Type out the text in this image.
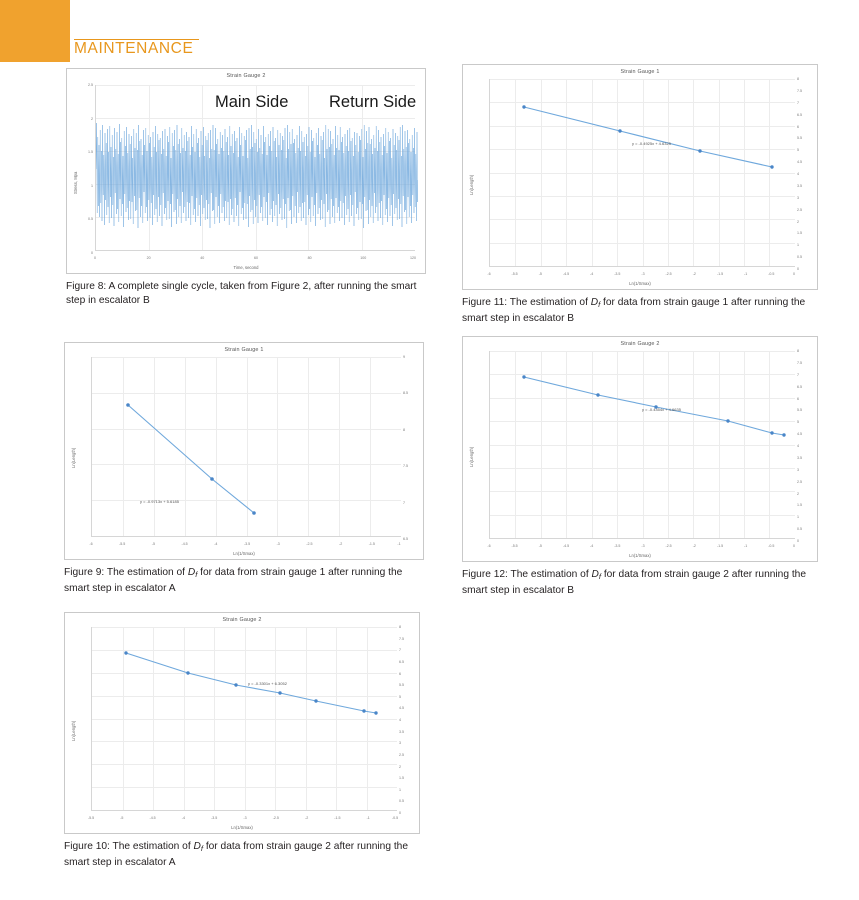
MAINTENANCE
Strain Gauge 2
2.5
2
1.5
1
0.5
0
0	20	40	60	80	100	120
Time, second
Stress, Mpa
Main Side Return Side
Figure 8: A complete single cycle, taken from Figure 2, after running the smart step in escalator B
Strain Gauge 1
y = -0.9713x + 5.6185
9
8.5
8
7.5
7
6.5
-6	-5.5	-5	-4.5	-4	-3.5	-3	-2.5	-2	-1.5	-1
Ln(1/Smax)
Ln(Length)
Figure 9: The estimation of $D_f$ for data from strain gauge 1 after running the smart step in escalator A
Strain Gauge 2
y = -0.3301x + 6.3052
8
7.5
7
6.5
6
5.5
5
4.5
4
3.5
3
2.5
2
1.5
1
0.5
0
-5.5	-5	-4.5	-4	-3.5	-3	-2.5	-2	-1.5	-1	-0.5
Ln(1/Smax)
Ln(Length)
Figure 10: The estimation of $D_f$ for data from strain gauge 2 after running the smart step in escalator A
Strain Gauge 1
y = -0.4925x + 4.6325
8
7.5
7
6.5
6
5.5
5
4.5
4
3.5
3
2.5
2
1.5
1
0.5
0
-6	-5.5	-5	-4.5	-4	-3.5	-3	-2.5	-2	-1.5	-1	-0.5	0
Ln(1/Smax)
Ln(Length)
Figure 11: The estimation of $D_f$ for data from strain gauge 1 after running the smart step in escalator B
Strain Gauge 2
y = -0.4454x + 4.6635
8
7.5
7
6.5
6
5.5
5
4.5
4
3.5
3
2.5
2
1.5
1
0.5
0
-6	-5.5	-5	-4.5	-4	-3.5	-3	-2.5	-2	-1.5	-1	-0.5	0
Ln(1/Smax)
Ln(Length)
Figure 12: The estimation of $D_f$ for data from strain gauge 2 after running the smart step in escalator B
